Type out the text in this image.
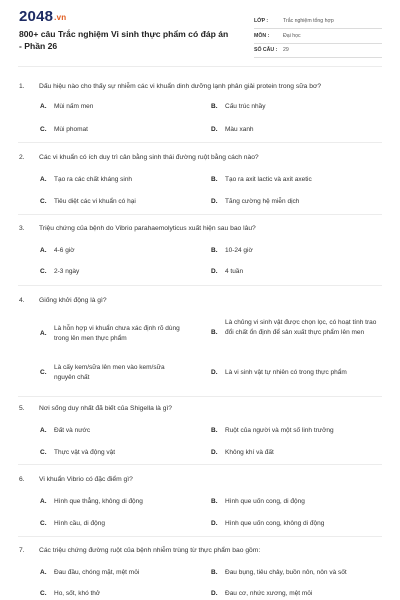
2048.vn
800+ câu Trắc nghiệm Vi sinh thực phẩm có đáp án - Phần 26
LỚP :	Trắc nghiệm tổng hợp
MÔN :	Đại học
SỐ CÂU : 29
1. Dấu hiệu nào cho thấy sự nhiễm các vi khuẩn dinh dưỡng lạnh phân giải protein trong sữa bơ?
A. Mùi nấm men	B. Cấu trúc nhầy
C. Mùi phomat	D. Màu xanh
2. Các vi khuẩn có ích duy trì cân bằng sinh thái đường ruột bằng cách nào?
A. Tạo ra các chất kháng sinh	B. Tạo ra axit lactic và axit axetic
C. Tiêu diệt các vi khuẩn có hại	D. Tăng cường hệ miễn dịch
3. Triệu chứng của bệnh do Vibrio parahaemolyticus xuất hiện sau bao lâu?
A. 4-6 giờ	B. 10-24 giờ
C. 2-3 ngày	D. 4 tuần
4. Giống khởi động là gì?
A.
Là hỗn hợp vi khuẩn chưa xác định rõ dùng trong lên men thực phẩm
B.
Là chủng vi sinh vật được chọn lọc, có hoạt tính trao đổi chất ổn định để sản xuất thực phẩm lên men
C.
Là cấy kem/sữa lên men vào kem/sữa nguyên chất
D. Là vi sinh vật tự nhiên có trong thực phẩm
5. Nơi sống duy nhất đã biết của Shigella là gì?
A. Đất và nước	B. Ruột của người và một số linh trưởng
C. Thực vật và động vật	D. Không khí và đất
6. Vi khuẩn Vibrio có đặc điểm gì?
A. Hình que thẳng, không di động	B. Hình que uốn cong, di động
C. Hình cầu, di động	D. Hình que uốn cong, không di động
7. Các triệu chứng đường ruột của bệnh nhiễm trùng từ thực phẩm bao gồm:
A. Đau đầu, chóng mặt, mệt mỏi	B. Đau bụng, tiêu chảy, buồn nôn, nôn và sốt
C. Ho, sốt, khó thở	D. Đau cơ, nhức xương, mệt mỏi
